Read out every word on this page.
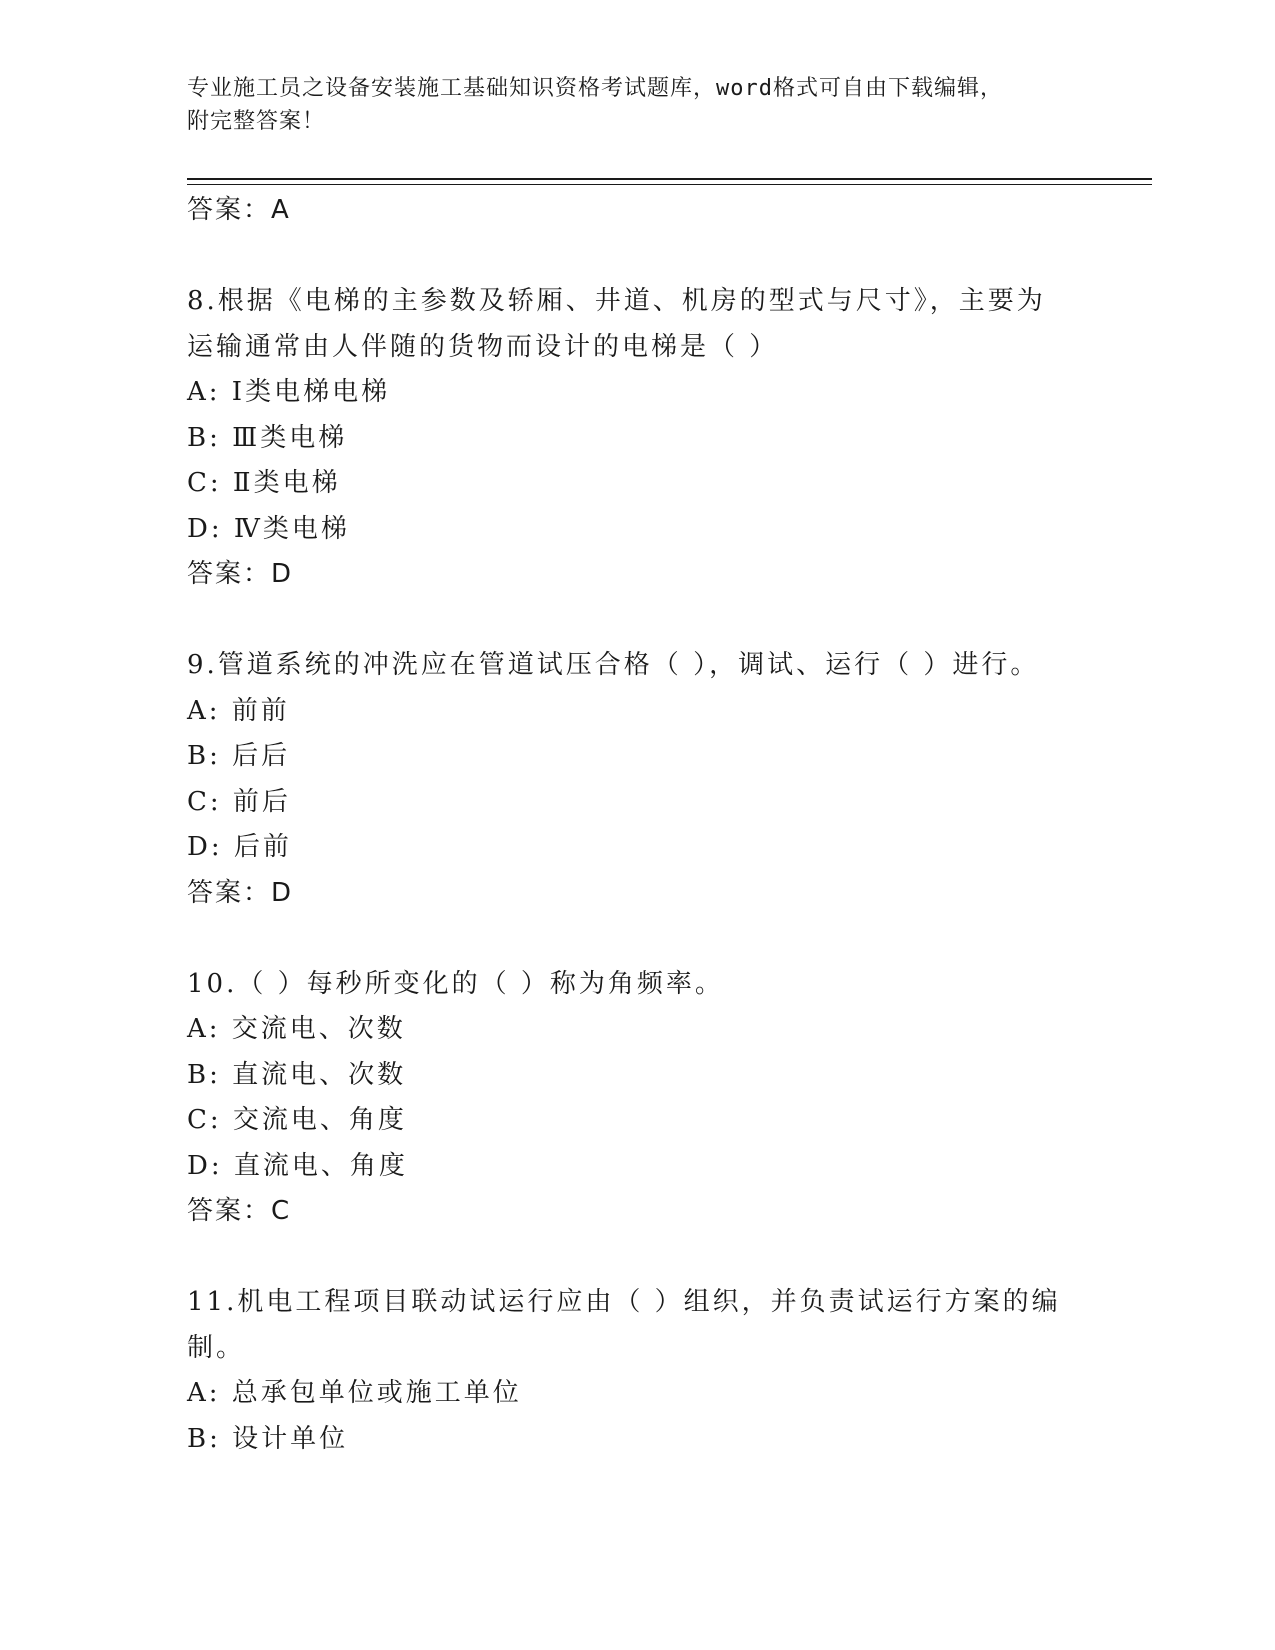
专业施工员之设备安装施工基础知识资格考试题库，word格式可自由下载编辑，
附完整答案！
答案：A
8.根据《电梯的主参数及轿厢、井道、机房的型式与尺寸》，主要为
运输通常由人伴随的货物而设计的电梯是（ ）
A: Ⅰ类电梯电梯
B: Ⅲ类电梯
C: Ⅱ类电梯
D: Ⅳ类电梯
答案：D
9.管道系统的冲洗应在管道试压合格（ ），调试、运行（ ）进行。
A: 前前
B: 后后
C: 前后
D: 后前
答案：D
10.（ ）每秒所变化的（ ）称为角频率。
A: 交流电、次数
B: 直流电、次数
C: 交流电、角度
D: 直流电、角度
答案：C
11.机电工程项目联动试运行应由（ ）组织，并负责试运行方案的编
制。
A: 总承包单位或施工单位
B: 设计单位
